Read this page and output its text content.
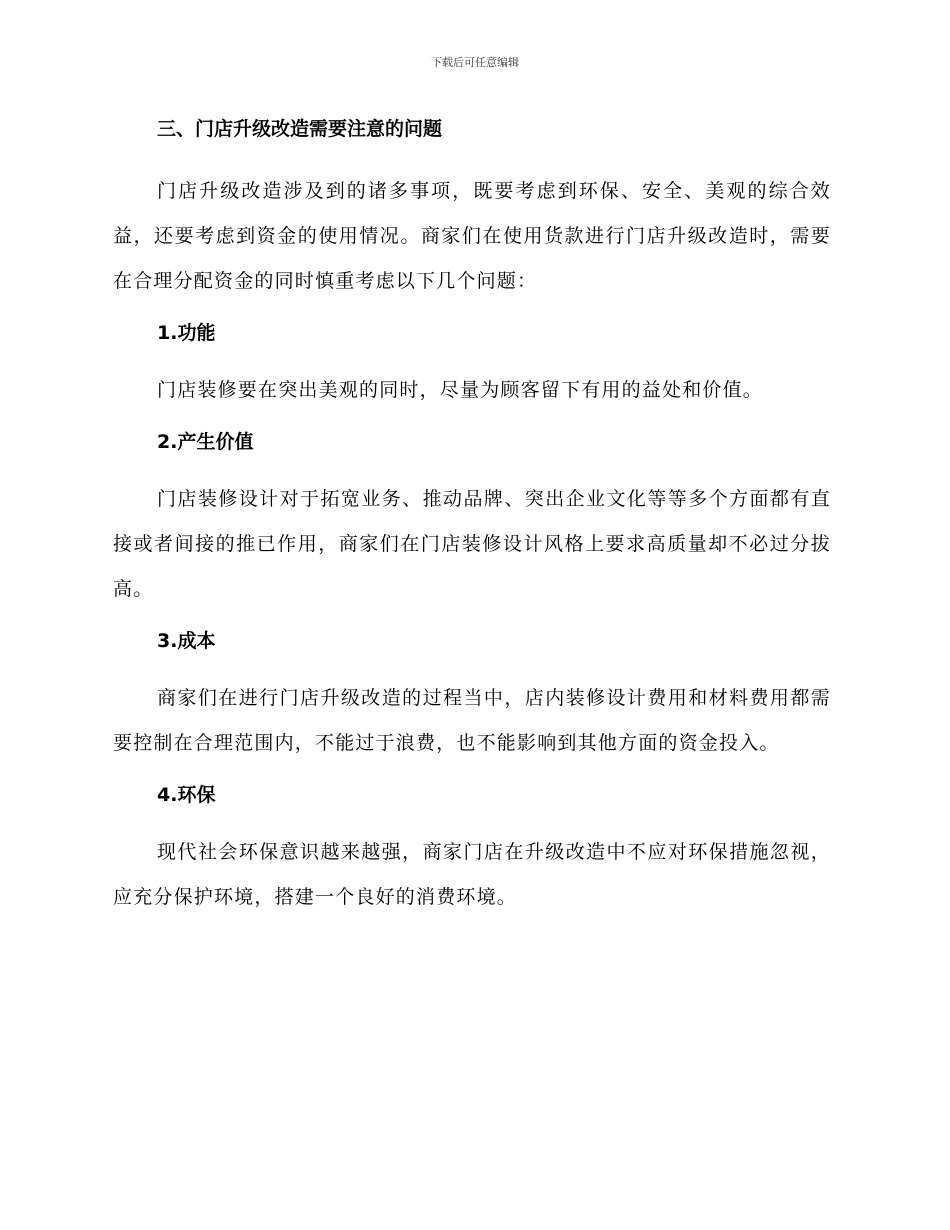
下载后可任意编辑
三、门店升级改造需要注意的问题

门店升级改造涉及到的诸多事项，既要考虑到环保、安全、美观的综合效益，还要考虑到资金的使用情况。商家们在使用货款进行门店升级改造时，需要在合理分配资金的同时慎重考虑以下几个问题：

1.功能

门店装修要在突出美观的同时，尽量为顾客留下有用的益处和价值。

2.产生价值

门店装修设计对于拓宽业务、推动品牌、突出企业文化等等多个方面都有直接或者间接的推已作用，商家们在门店装修设计风格上要求高质量却不必过分拔高。

3.成本

商家们在进行门店升级改造的过程当中，店内装修设计费用和材料费用都需要控制在合理范围内，不能过于浪费，也不能影响到其他方面的资金投入。

4.环保

现代社会环保意识越来越强，商家门店在升级改造中不应对环保措施忽视，应充分保护环境，搭建一个良好的消费环境。
